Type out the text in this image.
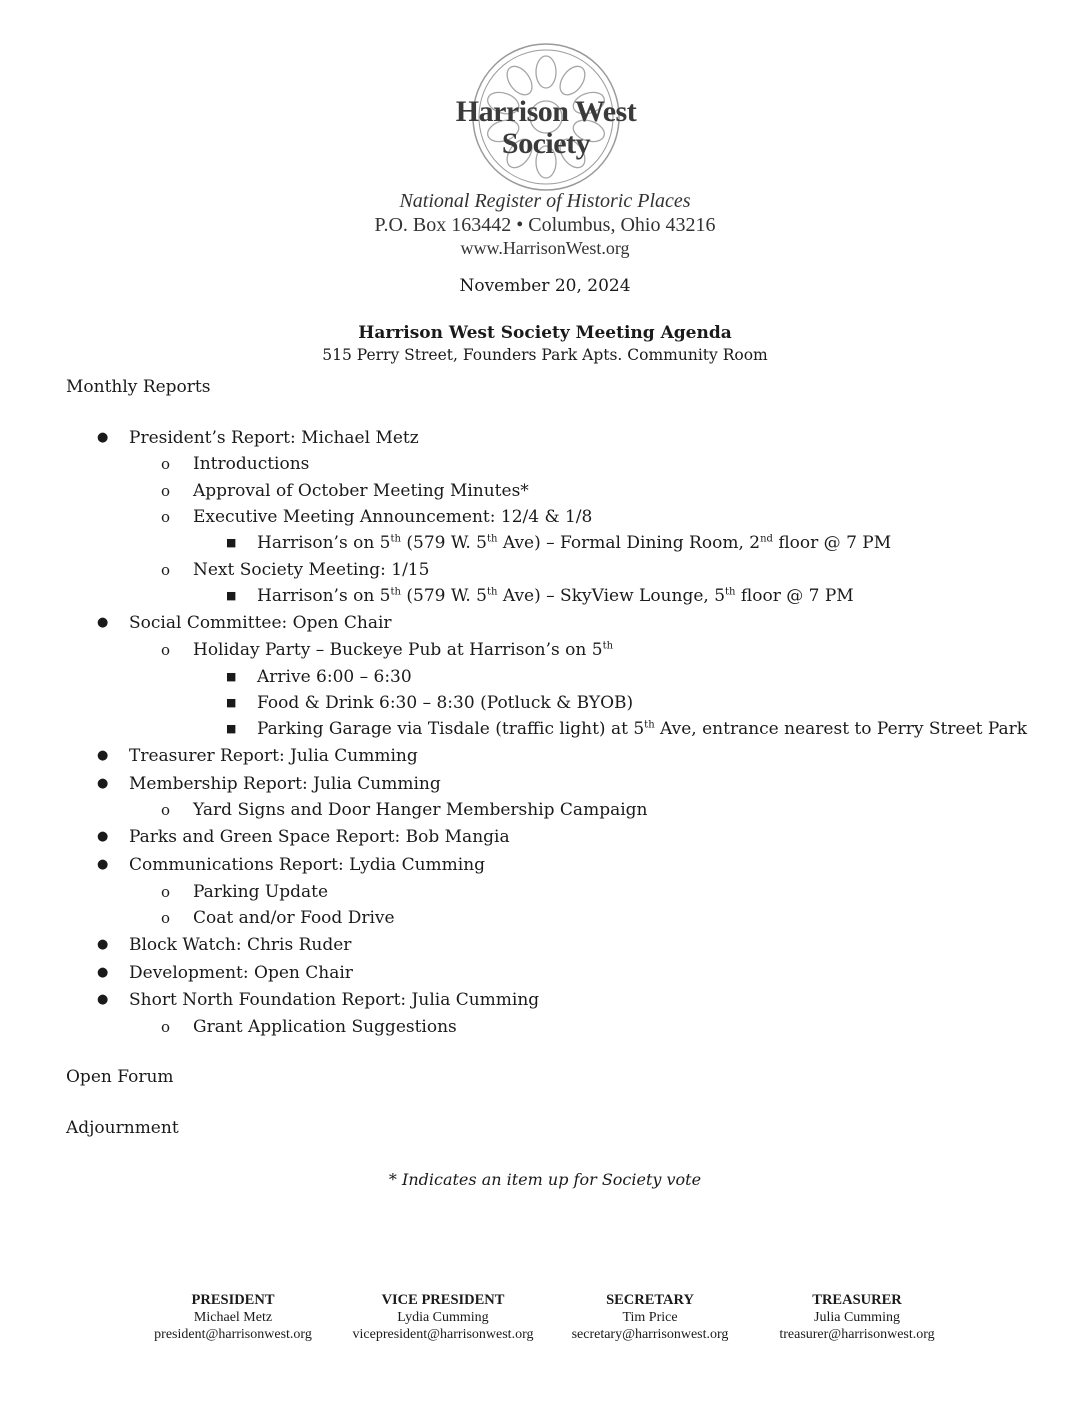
Harrison West
Society
National Register of Historic Places
P.O. Box 163442 • Columbus, Ohio 43216
www.HarrisonWest.org
November 20, 2024
Harrison West Society Meeting Agenda
515 Perry Street, Founders Park Apts. Community Room
Monthly Reports
● President’s Report: Michael Metz
o Introductions
o Approval of October Meeting Minutes*
o Executive Meeting Announcement: 12/4 & 1/8
■ Harrison’s on 5th (579 W. 5th Ave) – Formal Dining Room, 2nd floor @ 7 PM
o Next Society Meeting: 1/15
■ Harrison’s on 5th (579 W. 5th Ave) – SkyView Lounge, 5th floor @ 7 PM
● Social Committee: Open Chair
o Holiday Party – Buckeye Pub at Harrison’s on 5th
■ Arrive 6:00 – 6:30
■ Food & Drink 6:30 – 8:30 (Potluck & BYOB)
■ Parking Garage via Tisdale (traffic light) at 5th Ave, entrance nearest to Perry Street Park
● Treasurer Report: Julia Cumming
● Membership Report: Julia Cumming
o Yard Signs and Door Hanger Membership Campaign
● Parks and Green Space Report: Bob Mangia
● Communications Report: Lydia Cumming
o Parking Update
o Coat and/or Food Drive
● Block Watch: Chris Ruder
● Development: Open Chair
● Short North Foundation Report: Julia Cumming
o Grant Application Suggestions
Open Forum
Adjournment
* Indicates an item up for Society vote
PRESIDENT
Michael Metz
president@harrisonwest.org
VICE PRESIDENT
Lydia Cumming
vicepresident@harrisonwest.org
SECRETARY
Tim Price
secretary@harrisonwest.org
TREASURER
Julia Cumming
treasurer@harrisonwest.org
